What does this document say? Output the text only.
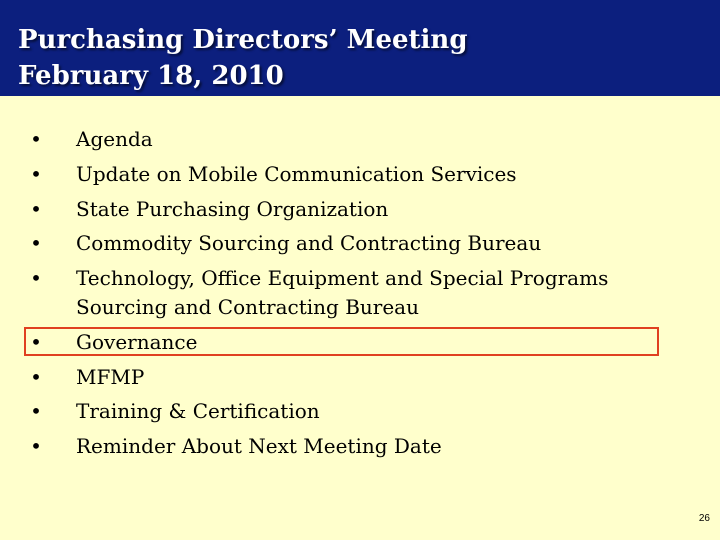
Purchasing Directors’ Meeting
February 18, 2010
• Agenda
• Update on Mobile Communication Services
• State Purchasing Organization
• Commodity Sourcing and Contracting Bureau
• Technology, Office Equipment and Special Programs
Sourcing and Contracting Bureau
• Governance
• MFMP
• Training & Certification
• Reminder About Next Meeting Date
26
